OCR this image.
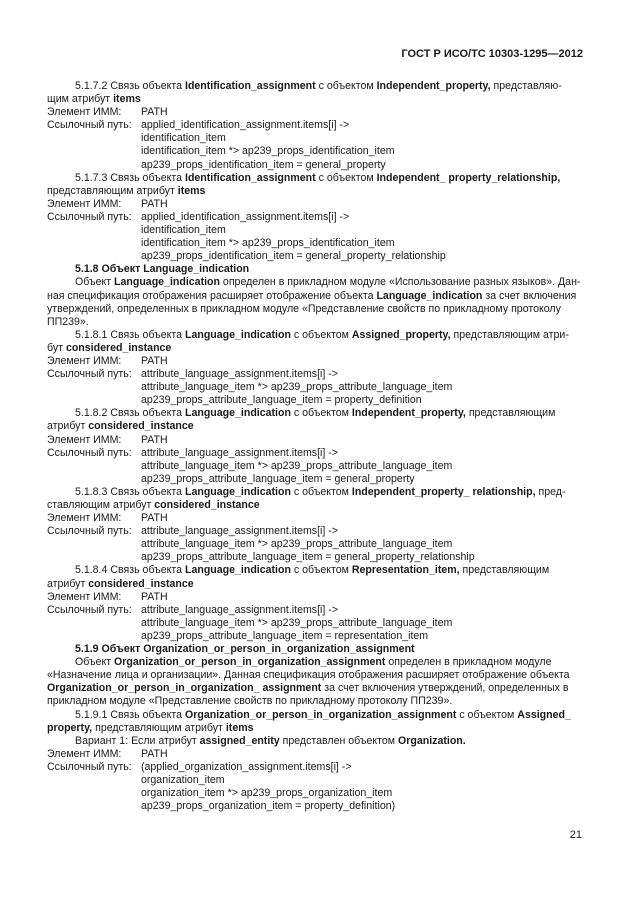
ГОСТ Р ИСО/ТС 10303-1295—2012

5.1.7.2 Связь объекта Identification_assignment с объектом Independent_property, представляю-

щим атрибут items

Элемент ИММ:	PATH
Ссылочный путь: applied_identification_assignment.items[i] ->

identification_item

identification_item *> ap239_props_identification_item

ap239_props_identification_item = general_property

5.1.7.3 Связь объекта Identification_assignment с объектом Independent_ property_relationship,

представляющим атрибут items

Элемент ИММ:	PATH
Ссылочный путь: applied_identification_assignment.items[i] ->

identification_item

identification_item *> ap239_props_identification_item

ap239_props_identification_item = general_property_relationship

5.1.8 Объект Language_indication

Объект Language_indication определен в прикладном модуле «Использование разных языков». Дан-

ная спецификация отображения расширяет отображение объекта Language_indication за счет включения

утверждений, определенных в прикладном модуле «Представление свойств по прикладному протоколу

ПП239».

5.1.8.1 Связь объекта Language_indication с объектом Assigned_property, представляющим атри-

бут considered_instance

Элемент ИММ:	PATH
Ссылочный путь: attribute_language_assignment.items[i] ->

attribute_language_item *> ap239_props_attribute_language_item

ap239_props_attribute_language_item = property_definition

5.1.8.2 Связь объекта Language_indication с объектом Independent_property, представляющим

атрибут considered_instance

Элемент ИММ:	PATH
Ссылочный путь: attribute_language_assignment.items[i] ->

attribute_language_item *> ap239_props_attribute_language_item

ap239_props_attribute_language_item = general_property

5.1.8.3 Связь объекта Language_indication с объектом Independent_property_ relationship, пред-

ставляющим атрибут considered_instance

Элемент ИММ:	PATH
Ссылочный путь: attribute_language_assignment.items[i] ->

attribute_language_item *> ap239_props_attribute_language_item

ap239_props_attribute_language_item = general_property_relationship

5.1.8.4 Связь объекта Language_indication с объектом Representation_item, представляющим

атрибут considered_instance

Элемент ИММ:	PATH
Ссылочный путь: attribute_language_assignment.items[i] ->

attribute_language_item *> ap239_props_attribute_language_item

ap239_props_attribute_language_item = representation_item

5.1.9 Объект Organization_or_person_in_organization_assignment

Объект Organization_or_person_in_organization_assignment определен в прикладном модуле

«Назначение лица и организации». Данная спецификация отображения расширяет отображение объекта

Organization_or_person_in_organization_ assignment за счет включения утверждений, определенных в

прикладном модуле «Представление свойств по прикладному протоколу ПП239».

5.1.9.1 Связь объекта Organization_or_person_in_organization_assignment с объектом Assigned_

property, представляющим атрибут items

Вариант 1: Если атрибут assigned_entity представлен объектом Organization.

Элемент ИММ:	PATH
Ссылочный путь: (applied_organization_assignment.items[i] ->

organization_item

organization_item *> ap239_props_organization_item

ap239_props_organization_item = property_definition)

21
